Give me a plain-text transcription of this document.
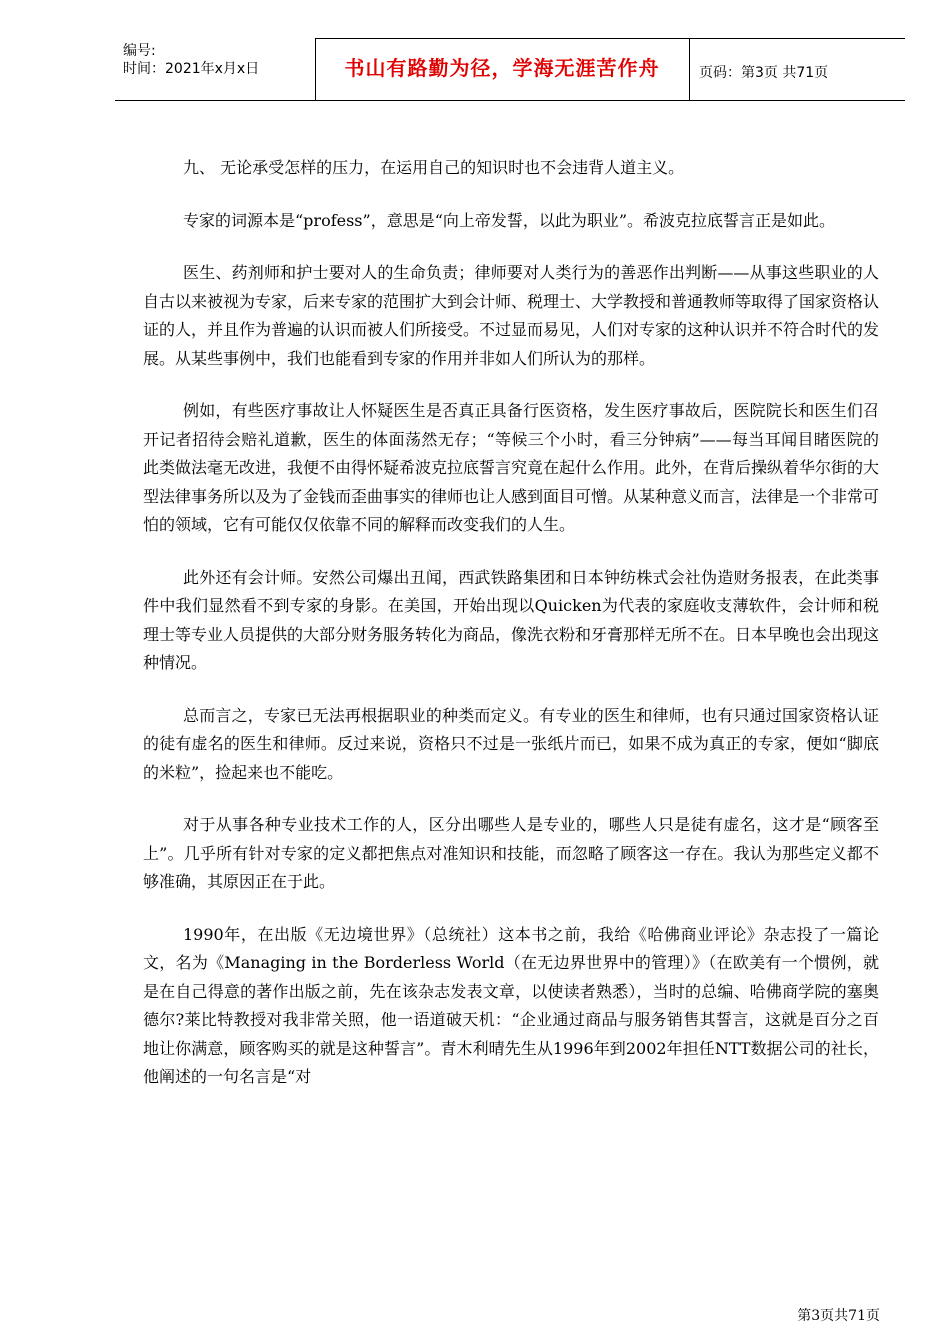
编号:
时间：2021年x月x日	书山有路勤为径，学海无涯苦作舟	页码：第3页 共71页

九、 无论承受怎样的压力，在运用自己的知识时也不会违背人道主义。

专家的词源本是“profess”，意思是“向上帝发誓，以此为职业”。希波克拉底誓言正是如此。

医生、药剂师和护士要对人的生命负责；律师要对人类行为的善恶作出判断——从事这些职业的人自古以来被视为专家，后来专家的范围扩大到会计师、税理士、大学教授和普通教师等取得了国家资格认证的人，并且作为普遍的认识而被人们所接受。不过显而易见，人们对专家的这种认识并不符合时代的发展。从某些事例中，我们也能看到专家的作用并非如人们所认为的那样。

例如，有些医疗事故让人怀疑医生是否真正具备行医资格，发生医疗事故后，医院院长和医生们召开记者招待会赔礼道歉，医生的体面荡然无存；“等候三个小时，看三分钟病”——每当耳闻目睹医院的此类做法毫无改进，我便不由得怀疑希波克拉底誓言究竟在起什么作用。此外，在背后操纵着华尔街的大型法律事务所以及为了金钱而歪曲事实的律师也让人感到面目可憎。从某种意义而言，法律是一个非常可怕的领域，它有可能仅仅依靠不同的解释而改变我们的人生。

此外还有会计师。安然公司爆出丑闻，西武铁路集团和日本钟纺株式会社伪造财务报表，在此类事件中我们显然看不到专家的身影。在美国，开始出现以Quicken为代表的家庭收支薄软件，会计师和税理士等专业人员提供的大部分财务服务转化为商品，像洗衣粉和牙膏那样无所不在。日本早晚也会出现这种情况。

总而言之，专家已无法再根据职业的种类而定义。有专业的医生和律师，也有只通过国家资格认证的徒有虚名的医生和律师。反过来说，资格只不过是一张纸片而已，如果不成为真正的专家，便如“脚底的米粒”，捡起来也不能吃。

对于从事各种专业技术工作的人，区分出哪些人是专业的，哪些人只是徒有虚名，这才是“顾客至上”。几乎所有针对专家的定义都把焦点对准知识和技能，而忽略了顾客这一存在。我认为那些定义都不够准确，其原因正在于此。

1990年，在出版《无边境世界》（总统社）这本书之前，我给《哈佛商业评论》杂志投了一篇论文，名为《Managing in the Borderless World（在无边界世界中的管理）》（在欧美有一个惯例，就是在自己得意的著作出版之前，先在该杂志发表文章，以使读者熟悉），当时的总编、哈佛商学院的塞奥德尔?莱比特教授对我非常关照，他一语道破天机：“企业通过商品与服务销售其誓言，这就是百分之百地让你满意，顾客购买的就是这种誓言”。青木利晴先生从1996年到2002年担任NTT数据公司的社长，他阐述的一句名言是“对

第3页共71页
